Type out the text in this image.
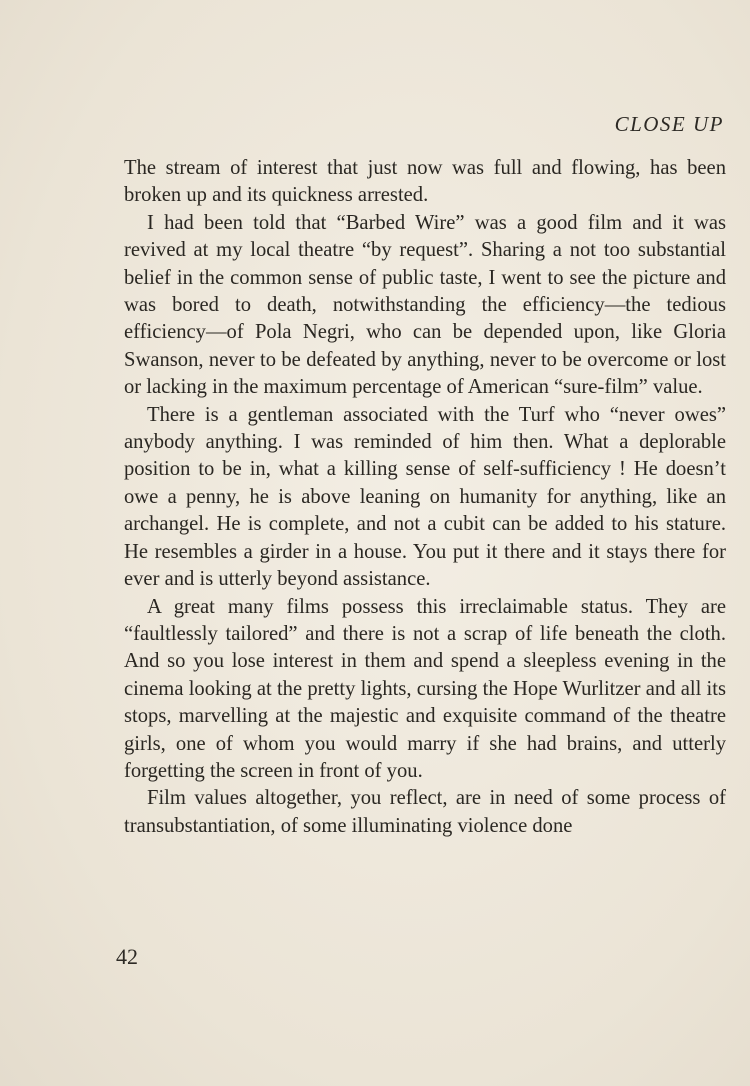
CLOSE UP

The stream of interest that just now was full and flowing, has been broken up and its quickness arrested.

I had been told that “Barbed Wire” was a good film and it was revived at my local theatre “by request”. Sharing a not too substantial belief in the common sense of public taste, I went to see the picture and was bored to death, notwithstanding the efficiency—the tedious efficiency—of Pola Negri, who can be depended upon, like Gloria Swanson, never to be defeated by anything, never to be overcome or lost or lacking in the maximum percentage of American “sure-film” value.

There is a gentleman associated with the Turf who “never owes” anybody anything. I was reminded of him then. What a deplorable position to be in, what a killing sense of self-sufficiency ! He doesn’t owe a penny, he is above leaning on humanity for anything, like an archangel. He is complete, and not a cubit can be added to his stature. He resembles a girder in a house. You put it there and it stays there for ever and is utterly beyond assistance.

A great many films possess this irreclaimable status. They are “faultlessly tailored” and there is not a scrap of life beneath the cloth. And so you lose interest in them and spend a sleepless evening in the cinema looking at the pretty lights, cursing the Hope Wurlitzer and all its stops, marvelling at the majestic and exquisite command of the theatre girls, one of whom you would marry if she had brains, and utterly forgetting the screen in front of you.

Film values altogether, you reflect, are in need of some process of transubstantiation, of some illuminating violence done

42
